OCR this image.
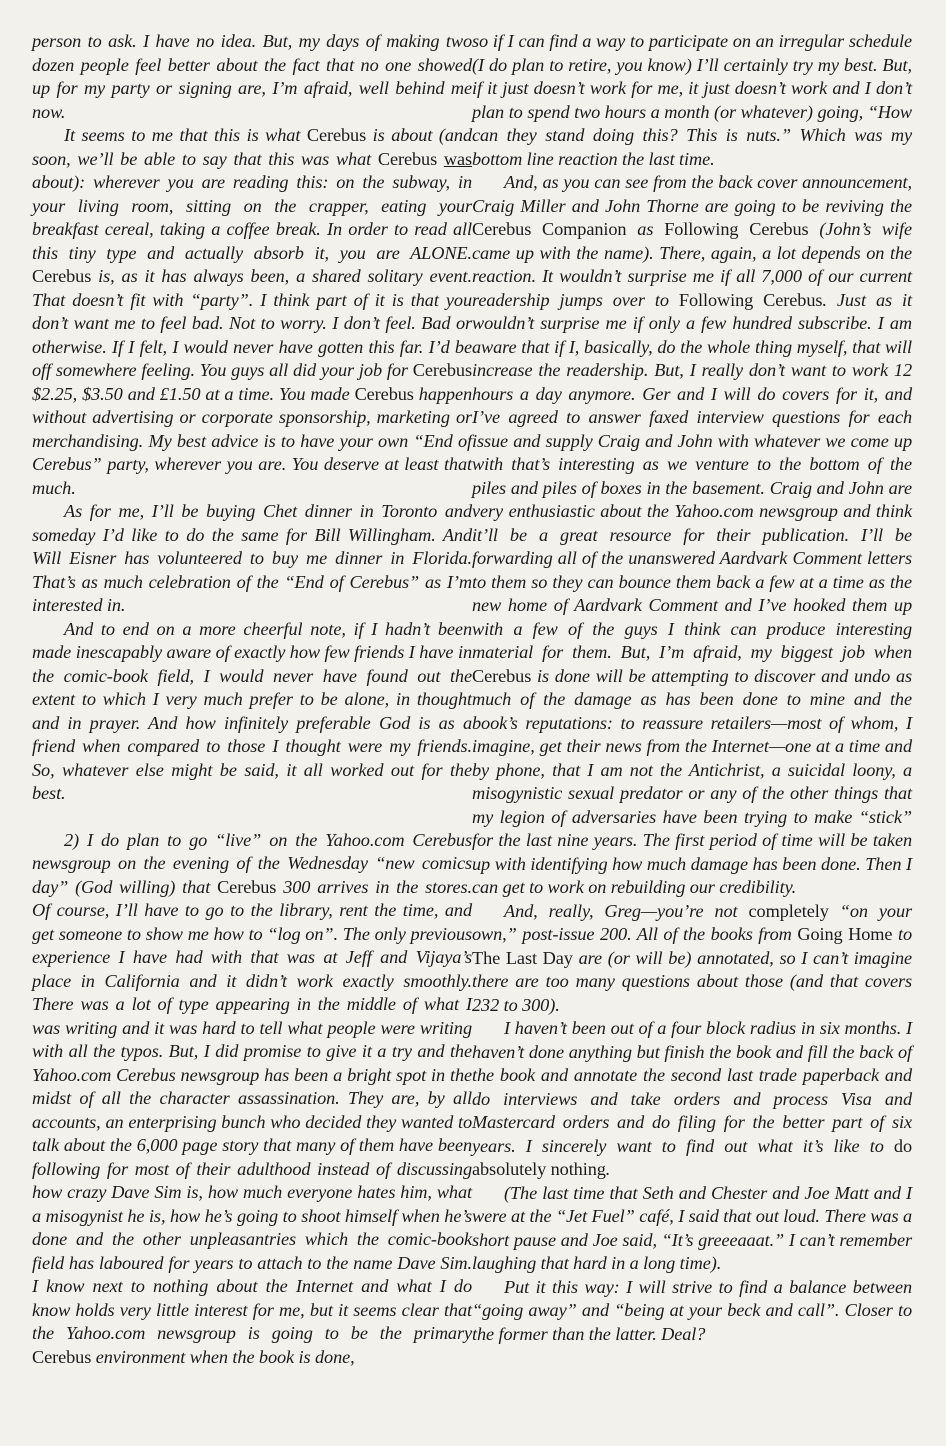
person to ask. I have no idea. But, my days of making two dozen people feel better about the fact that no one showed up for my party or signing are, I’m afraid, well behind me now.

It seems to me that this is what Cerebus is about (and soon, we’ll be able to say that this was what Cerebus was about): wherever you are reading this: on the subway, in your living room, sitting on the crapper, eating your breakfast cereal, taking a coffee break. In order to read all this tiny type and actually absorb it, you are ALONE. Cerebus is, as it has always been, a shared solitary event. That doesn’t fit with “party”. I think part of it is that you don’t want me to feel bad. Not to worry. I don’t feel. Bad or otherwise. If I felt, I would never have gotten this far. I’d be off somewhere feeling. You guys all did your job for Cerebus $2.25, $3.50 and £1.50 at a time. You made Cerebus happen without advertising or corporate sponsorship, marketing or merchandising. My best advice is to have your own “End of Cerebus” party, wherever you are. You deserve at least that much.

As for me, I’ll be buying Chet dinner in Toronto and someday I’d like to do the same for Bill Willingham. And Will Eisner has volunteered to buy me dinner in Florida. That’s as much celebration of the “End of Cerebus” as I’m interested in.

And to end on a more cheerful note, if I hadn’t been made inescapably aware of exactly how few friends I have in the comic-book field, I would never have found out the extent to which I very much prefer to be alone, in thought and in prayer. And how infinitely preferable God is as a friend when compared to those I thought were my friends. So, whatever else might be said, it all worked out for the best.

2) I do plan to go “live” on the Yahoo.com Cerebus newsgroup on the evening of the Wednesday “new comics day” (God willing) that Cerebus 300 arrives in the stores. Of course, I’ll have to go to the library, rent the time, and get someone to show me how to “log on”. The only previous experience I have had with that was at Jeff and Vijaya’s place in California and it didn’t work exactly smoothly. There was a lot of type appearing in the middle of what I was writing and it was hard to tell what people were writing with all the typos. But, I did promise to give it a try and the Yahoo.com Cerebus newsgroup has been a bright spot in the midst of all the character assassination. They are, by all accounts, an enterprising bunch who decided they wanted to talk about the 6,000 page story that many of them have been following for most of their adulthood instead of discussing how crazy Dave Sim is, how much everyone hates him, what a misogynist he is, how he’s going to shoot himself when he’s done and the other unpleasantries which the comic-book field has laboured for years to attach to the name Dave Sim. I know next to nothing about the Internet and what I do know holds very little interest for me, but it seems clear that the Yahoo.com newsgroup is going to be the primary Cerebus environment when the book is done,

so if I can find a way to participate on an irregular schedule (I do plan to retire, you know) I’ll certainly try my best. But, if it just doesn’t work for me, it just doesn’t work and I don’t plan to spend two hours a month (or whatever) going, “How can they stand doing this? This is nuts.” Which was my bottom line reaction the last time.

And, as you can see from the back cover announcement, Craig Miller and John Thorne are going to be reviving the Cerebus Companion as Following Cerebus (John’s wife came up with the name). There, again, a lot depends on the reaction. It wouldn’t surprise me if all 7,000 of our current readership jumps over to Following Cerebus. Just as it wouldn’t surprise me if only a few hundred subscribe. I am aware that if I, basically, do the whole thing myself, that will increase the readership. But, I really don’t want to work 12 hours a day anymore. Ger and I will do covers for it, and I’ve agreed to answer faxed interview questions for each issue and supply Craig and John with whatever we come up with that’s interesting as we venture to the bottom of the piles and piles of boxes in the basement. Craig and John are very enthusiastic about the Yahoo.com newsgroup and think it’ll be a great resource for their publication. I’ll be forwarding all of the unanswered Aardvark Comment letters to them so they can bounce them back a few at a time as the new home of Aardvark Comment and I’ve hooked them up with a few of the guys I think can produce interesting material for them. But, I’m afraid, my biggest job when Cerebus is done will be attempting to discover and undo as much of the damage as has been done to mine and the book’s reputations: to reassure retailers—most of whom, I imagine, get their news from the Internet—one at a time and by phone, that I am not the Antichrist, a suicidal loony, a misogynistic sexual predator or any of the other things that my legion of adversaries have been trying to make “stick” for the last nine years. The first period of time will be taken up with identifying how much damage has been done. Then I can get to work on rebuilding our credibility.

And, really, Greg—you’re not completely “on your own,” post-issue 200. All of the books from Going Home to The Last Day are (or will be) annotated, so I can’t imagine there are too many questions about those (and that covers 232 to 300).

I haven’t been out of a four block radius in six months. I haven’t done anything but finish the book and fill the back of the book and annotate the second last trade paperback and do interviews and take orders and process Visa and Mastercard orders and do filing for the better part of six years. I sincerely want to find out what it’s like to do absolutely nothing.

(The last time that Seth and Chester and Joe Matt and I were at the “Jet Fuel” café, I said that out loud. There was a short pause and Joe said, “It’s greeeaaat.” I can’t remember laughing that hard in a long time).

Put it this way: I will strive to find a balance between “going away” and “being at your beck and call”. Closer to the former than the latter. Deal?
